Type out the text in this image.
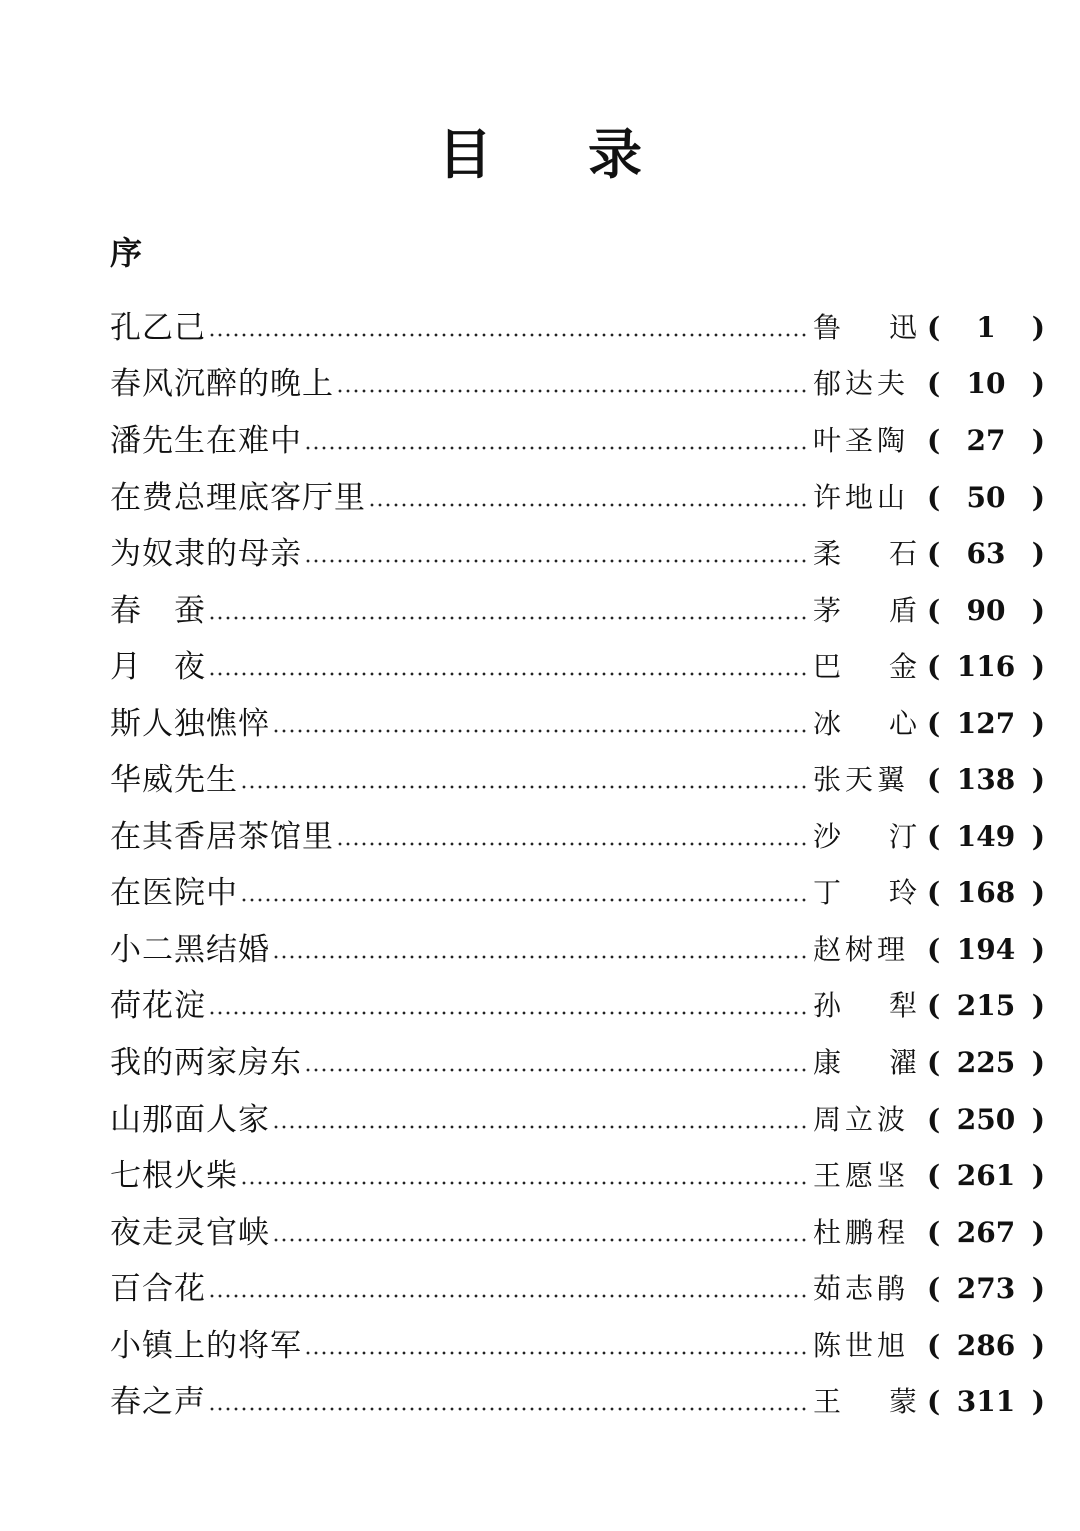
目 录
序
孔乙己	鲁 迅 (	1	)
春风沉醉的晚上	郁达夫 ( 10 )
潘先生在难中	叶圣陶 ( 27 )
在费总理底客厅里	许地山 ( 50 )
为奴隶的母亲	柔 石 ( 63 )
春　蚕	茅 盾 ( 90 )
月　夜	巴 金 ( 116 )
斯人独憔悴	冰 心 ( 127 )
华威先生	张天翼 ( 138 )
在其香居茶馆里	沙 汀 ( 149 )
在医院中	丁 玲 ( 168 )
小二黑结婚	赵树理 ( 194 )
荷花淀	孙 犁 ( 215 )
我的两家房东	康 濯 ( 225 )
山那面人家	周立波 ( 250 )
七根火柴	王愿坚 ( 261 )
夜走灵官峡	杜鹏程 ( 267 )
百合花	茹志鹃 ( 273 )
小镇上的将军	陈世旭 ( 286 )
春之声	王 蒙 ( 311 )
